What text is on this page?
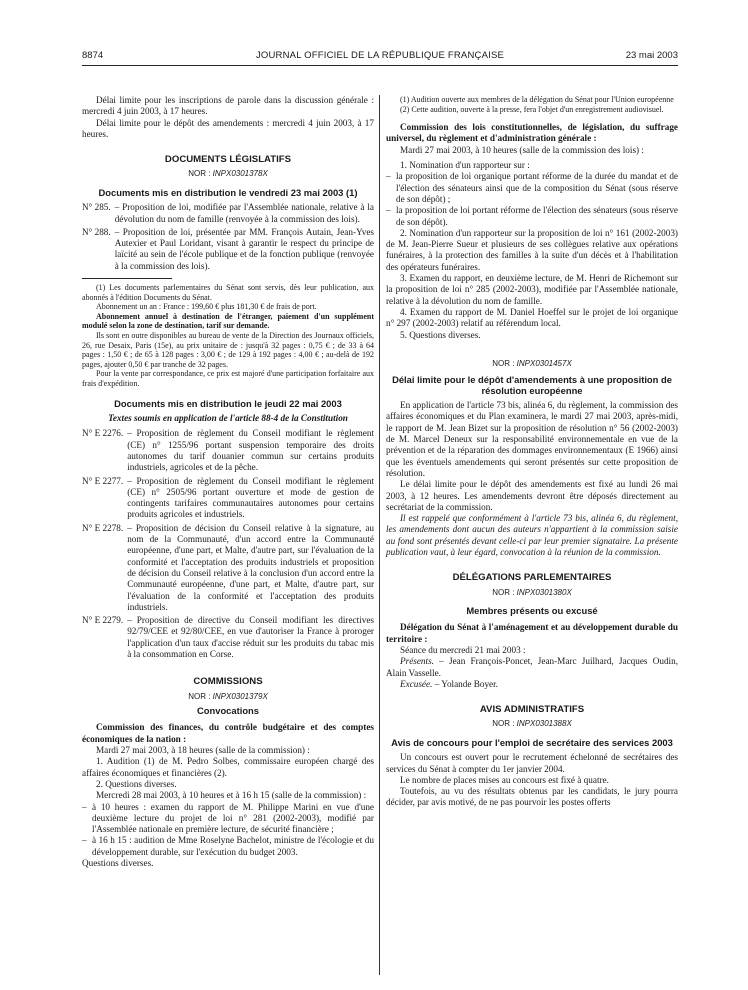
8874	JOURNAL OFFICIEL DE LA RÉPUBLIQUE FRANÇAISE	23 mai 2003

Délai limite pour les inscriptions de parole dans la discussion générale : mercredi 4 juin 2003, à 17 heures.

Délai limite pour le dépôt des amendements : mercredi 4 juin 2003, à 17 heures.

DOCUMENTS LÉGISLATIFS

NOR : INPX0301378X

Documents mis en distribution le vendredi 23 mai 2003 (1)

N° 285. – Proposition de loi, modifiée par l'Assemblée nationale, relative à la dévolution du nom de famille (renvoyée à la commission des lois).
N° 288. – Proposition de loi, présentée par MM. François Autain, Jean-Yves Autexier et Paul Loridant, visant à garantir le respect du principe de laïcité au sein de l'école publique et de la fonction publique (renvoyée à la commission des lois).

(1) Les documents parlementaires du Sénat sont servis, dès leur publication, aux abonnés à l'édition Documents du Sénat.

Abonnement un an : France : 199,60 € plus 181,30 € de frais de port.

Abonnement annuel à destination de l'étranger, paiement d'un supplément modulé selon la zone de destination, tarif sur demande.

Ils sont en outre disponibles au bureau de vente de la Direction des Journaux officiels, 26, rue Desaix, Paris (15e), au prix unitaire de : jusqu'à 32 pages : 0,75 € ; de 33 à 64 pages : 1,50 € ; de 65 à 128 pages : 3,00 € ; de 129 à 192 pages : 4,00 € ; au-delà de 192 pages, ajouter 0,50 € par tranche de 32 pages.

Pour la vente par correspondance, ce prix est majoré d'une participation forfaitaire aux frais d'expédition.

Documents mis en distribution le jeudi 22 mai 2003

Textes soumis en application de l'article 88-4 de la Constitution

N° E 2276. – Proposition de règlement du Conseil modifiant le règlement (CE) n° 1255/96 portant suspension temporaire des droits autonomes du tarif douanier commun sur certains produits industriels, agricoles et de la pêche.
N° E 2277. – Proposition de règlement du Conseil modifiant le règlement (CE) n° 2505/96 portant ouverture et mode de gestion de contingents tarifaires communautaires autonomes pour certains produits agricoles et industriels.
N° E 2278. – Proposition de décision du Conseil relative à la signature, au nom de la Communauté, d'un accord entre la Communauté européenne, d'une part, et Malte, d'autre part, sur l'évaluation de la conformité et l'acceptation des produits industriels et proposition de décision du Conseil relative à la conclusion d'un accord entre la Communauté européenne, d'une part, et Malte, d'autre part, sur l'évaluation de la conformité et l'acceptation des produits industriels.
N° E 2279. – Proposition de directive du Conseil modifiant les directives 92/79/CEE et 92/80/CEE, en vue d'autoriser la France à proroger l'application d'un taux d'accise réduit sur les produits du tabac mis à la consommation en Corse.

COMMISSIONS

NOR : INPX0301379X

Convocations

Commission des finances, du contrôle budgétaire et des comptes économiques de la nation :

Mardi 27 mai 2003, à 18 heures (salle de la commission) :

1. Audition (1) de M. Pedro Solbes, commissaire européen chargé des affaires économiques et financières (2).

2. Questions diverses.

Mercredi 28 mai 2003, à 10 heures et à 16 h 15 (salle de la commission) :

– à 10 heures : examen du rapport de M. Philippe Marini en vue d'une deuxième lecture du projet de loi n° 281 (2002-2003), modifié par l'Assemblée nationale en première lecture, de sécurité financière ;
– à 16 h 15 : audition de Mme Roselyne Bachelot, ministre de l'écologie et du développement durable, sur l'exécution du budget 2003.

Questions diverses.

(1) Audition ouverte aux membres de la délégation du Sénat pour l'Union européenne

(2) Cette audition, ouverte à la presse, fera l'objet d'un enregistrement audiovisuel.

Commission des lois constitutionnelles, de législation, du suffrage universel, du règlement et d'administration générale :

Mardi 27 mai 2003, à 10 heures (salle de la commission des lois) :

1. Nomination d'un rapporteur sur :

– la proposition de loi organique portant réforme de la durée du mandat et de l'élection des sénateurs ainsi que de la composition du Sénat (sous réserve de son dépôt) ;
– la proposition de loi portant réforme de l'élection des sénateurs (sous réserve de son dépôt).

2. Nomination d'un rapporteur sur la proposition de loi n° 161 (2002-2003) de M. Jean-Pierre Sueur et plusieurs de ses collègues relative aux opérations funéraires, à la protection des familles à la suite d'un décès et à l'habilitation des opérateurs funéraires.

3. Examen du rapport, en deuxième lecture, de M. Henri de Richemont sur la proposition de loi n° 285 (2002-2003), modifiée par l'Assemblée nationale, relative à la dévolution du nom de famille.

4. Examen du rapport de M. Daniel Hoeffel sur le projet de loi organique n° 297 (2002-2003) relatif au référendum local.

5. Questions diverses.

NOR : INPX0301457X

Délai limite pour le dépôt d'amendements à une proposition de résolution européenne

En application de l'article 73 bis, alinéa 6, du règlement, la commission des affaires économiques et du Plan examinera, le mardi 27 mai 2003, après-midi, le rapport de M. Jean Bizet sur la proposition de résolution n° 56 (2002-2003) de M. Marcel Deneux sur la responsabilité environnementale en vue de la prévention et de la réparation des dommages environnementaux (E 1966) ainsi que les éventuels amendements qui seront présentés sur cette proposition de résolution.

Le délai limite pour le dépôt des amendements est fixé au lundi 26 mai 2003, à 12 heures. Les amendements devront être déposés directement au secrétariat de la commission.

Il est rappelé que conformément à l'article 73 bis, alinéa 6, du règlement, les amendements dont aucun des auteurs n'appartient à la commission saisie au fond sont présentés devant celle-ci par leur premier signataire. La présente publication vaut, à leur égard, convocation à la réunion de la commission.

DÉLÉGATIONS PARLEMENTAIRES

NOR : INPX0301380X

Membres présents ou excusé

Délégation du Sénat à l'aménagement et au développement durable du territoire :

Séance du mercredi 21 mai 2003 :

Présents. – Jean François-Poncet, Jean-Marc Juilhard, Jacques Oudin, Alain Vasselle.

Excusée. – Yolande Boyer.

AVIS ADMINISTRATIFS

NOR : INPX0301388X

Avis de concours pour l'emploi de secrétaire des services 2003

Un concours est ouvert pour le recrutement échelonné de secrétaires des services du Sénat à compter du 1er janvier 2004.

Le nombre de places mises au concours est fixé à quatre.

Toutefois, au vu des résultats obtenus par les candidats, le jury pourra décider, par avis motivé, de ne pas pourvoir les postes offerts
